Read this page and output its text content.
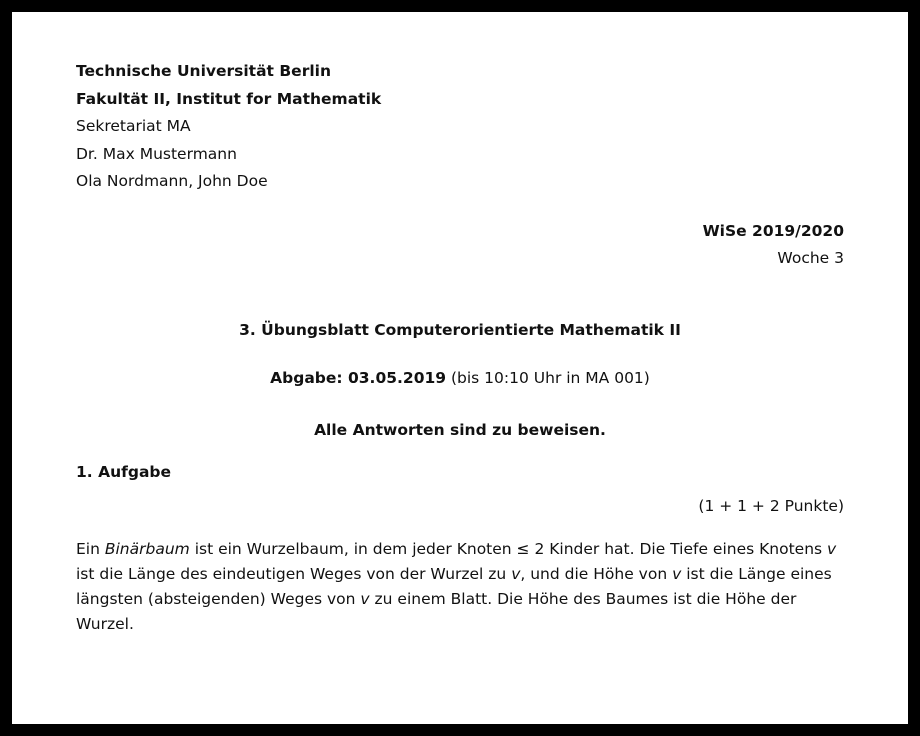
Technische Universität Berlin
Fakultät II, Institut for Mathematik
Sekretariat MA
Dr. Max Mustermann
Ola Nordmann, John Doe
WiSe 2019/2020
Woche 3
3. Übungsblatt Computerorientierte Mathematik II
Abgabe: 03.05.2019 (bis 10:10 Uhr in MA 001)
Alle Antworten sind zu beweisen.
1. Aufgabe
(1 + 1 + 2 Punkte)
Ein Binärbaum ist ein Wurzelbaum, in dem jeder Knoten ≤ 2 Kinder hat. Die Tiefe eines Knotens v ist die Länge des eindeutigen Weges von der Wurzel zu v, und die Höhe von v ist die Länge eines längsten (absteigenden) Weges von v zu einem Blatt. Die Höhe des Baumes ist die Höhe der Wurzel.
